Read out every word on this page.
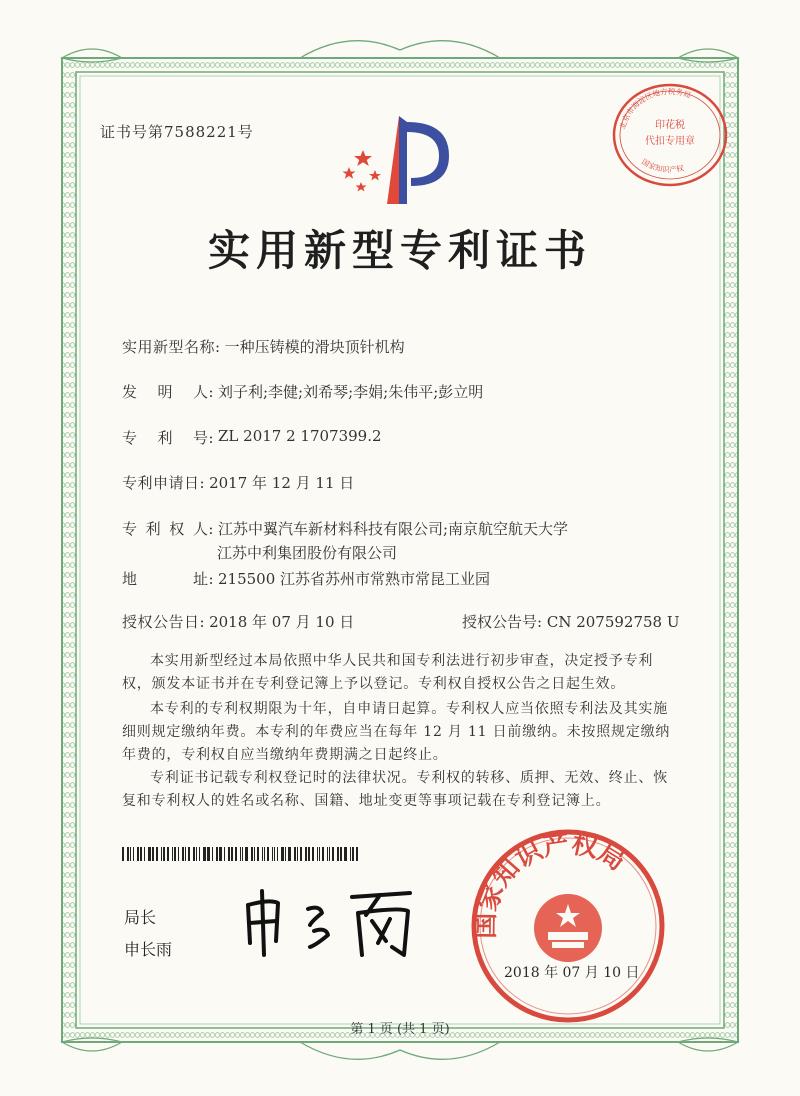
证书号第7588221号	印花税
代扣专用章
北京市海淀区地方税务局
国家知识产权
实用新型专利证书
实用新型名称: 一种压铸模的滑块顶针机构
发 明 人: 刘子利;李健;刘希琴;李娟;朱伟平;彭立明
专 利 号: ZL 2017 2 1707399.2
专利申请日: 2017 年 12 月 11 日
专 利 权 人: 江苏中翼汽车新材料科技有限公司;南京航空航天大学
江苏中利集团股份有限公司
地	址: 215500 江苏省苏州市常熟市常昆工业园
授权公告日: 2018 年 07 月 10 日	授权公告号: CN 207592758 U
本实用新型经过本局依照中华人民共和国专利法进行初步审查，决定授予专利权，颁发本证书并在专利登记簿上予以登记。专利权自授权公告之日起生效。
本专利的专利权期限为十年，自申请日起算。专利权人应当依照专利法及其实施细则规定缴纳年费。本专利的年费应当在每年 12 月 11 日前缴纳。未按照规定缴纳年费的，专利权自应当缴纳年费期满之日起终止。
专利证书记载专利权登记时的法律状况。专利权的转移、质押、无效、终止、恢复和专利权人的姓名或名称、国籍、地址变更等事项记载在专利登记簿上。
局长
申长雨
国家知识产权局
2018 年 07 月 10 日
第 1 页 (共 1 页)
